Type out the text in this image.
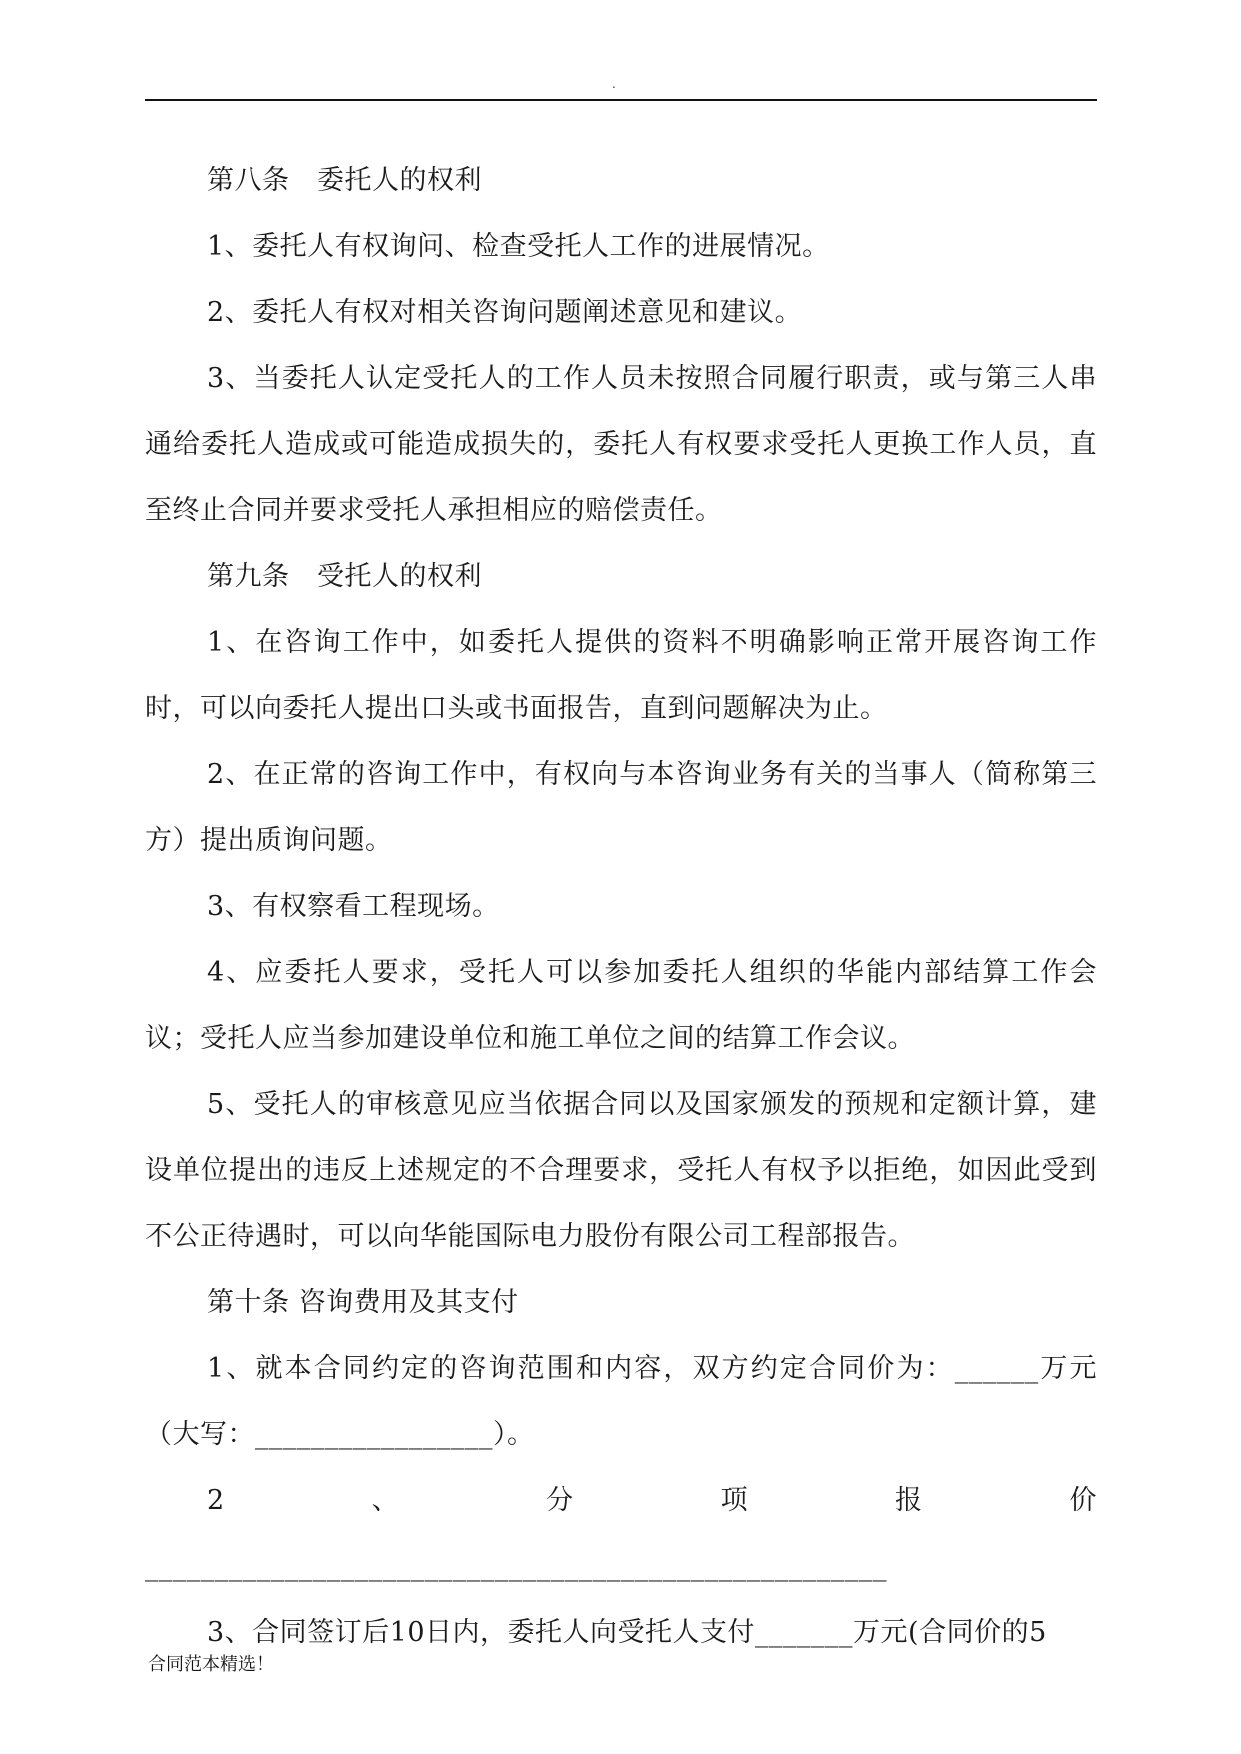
.

第八条　委托人的权利

1、委托人有权询问、检查受托人工作的进展情况。

2、委托人有权对相关咨询问题阐述意见和建议。

3、当委托人认定受托人的工作人员未按照合同履行职责，或与第三人串通给委托人造成或可能造成损失的，委托人有权要求受托人更换工作人员，直至终止合同并要求受托人承担相应的赔偿责任。

第九条　受托人的权利

1、在咨询工作中，如委托人提供的资料不明确影响正常开展咨询工作时，可以向委托人提出口头或书面报告，直到问题解决为止。

2、在正常的咨询工作中，有权向与本咨询业务有关的当事人（简称第三方）提出质询问题。

3、有权察看工程现场。

4、应委托人要求，受托人可以参加委托人组织的华能内部结算工作会议；受托人应当参加建设单位和施工单位之间的结算工作会议。

5、受托人的审核意见应当依据合同以及国家颁发的预规和定额计算，建设单位提出的违反上述规定的不合理要求，受托人有权予以拒绝，如因此受到不公正待遇时，可以向华能国际电力股份有限公司工程部报告。

第十条 咨询费用及其支付

1、就本合同约定的咨询范围和内容，双方约定合同价为：______万元（大写：_________________）。

2、分项报价_____________________________________________________

3、合同签订后10日内，委托人向受托人支付_______万元(合同价的5

合同范本精选！
